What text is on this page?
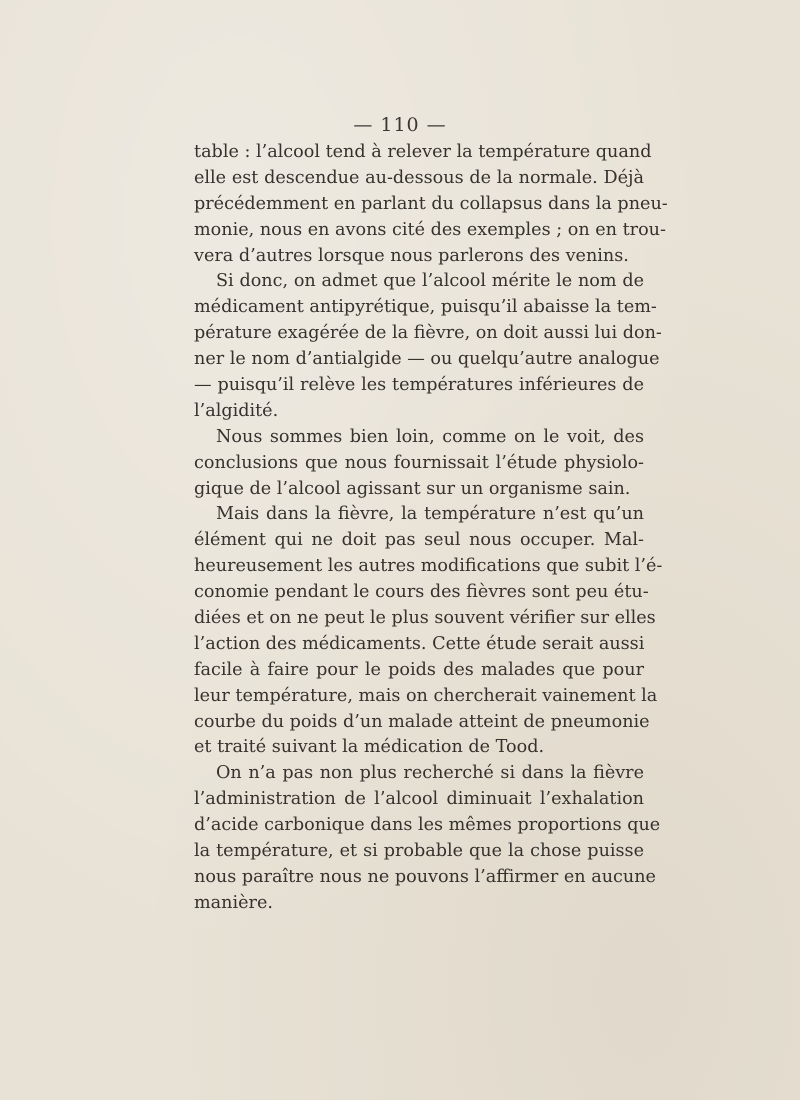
— 110 —
table : l’alcool tend à relever la température quand
elle est descendue au-dessous de la normale. Déjà
précédemment en parlant du collapsus dans la pneu-
monie, nous en avons cité des exemples ; on en trou-
vera d’autres lorsque nous parlerons des venins.
Si donc, on admet que l’alcool mérite le nom de
médicament antipyrétique, puisqu’il abaisse la tem-
pérature exagérée de la fièvre, on doit aussi lui don-
ner le nom d’antialgide — ou quelqu’autre analogue
— puisqu’il relève les températures inférieures de
l’algidité.
Nous sommes bien loin, comme on le voit, des
conclusions que nous fournissait l’étude physiolo-
gique de l’alcool agissant sur un organisme sain.
Mais dans la fièvre, la température n’est qu’un
élément qui ne doit pas seul nous occuper. Mal-
heureusement les autres modifications que subit l’é-
conomie pendant le cours des fièvres sont peu étu-
diées et on ne peut le plus souvent vérifier sur elles
l’action des médicaments. Cette étude serait aussi
facile à faire pour le poids des malades que pour
leur température, mais on chercherait vainement la
courbe du poids d’un malade atteint de pneumonie
et traité suivant la médication de Tood.
On n’a pas non plus recherché si dans la fièvre
l’administration de l’alcool diminuait l’exhalation
d’acide carbonique dans les mêmes proportions que
la température, et si probable que la chose puisse
nous paraître nous ne pouvons l’affirmer en aucune
manière.
